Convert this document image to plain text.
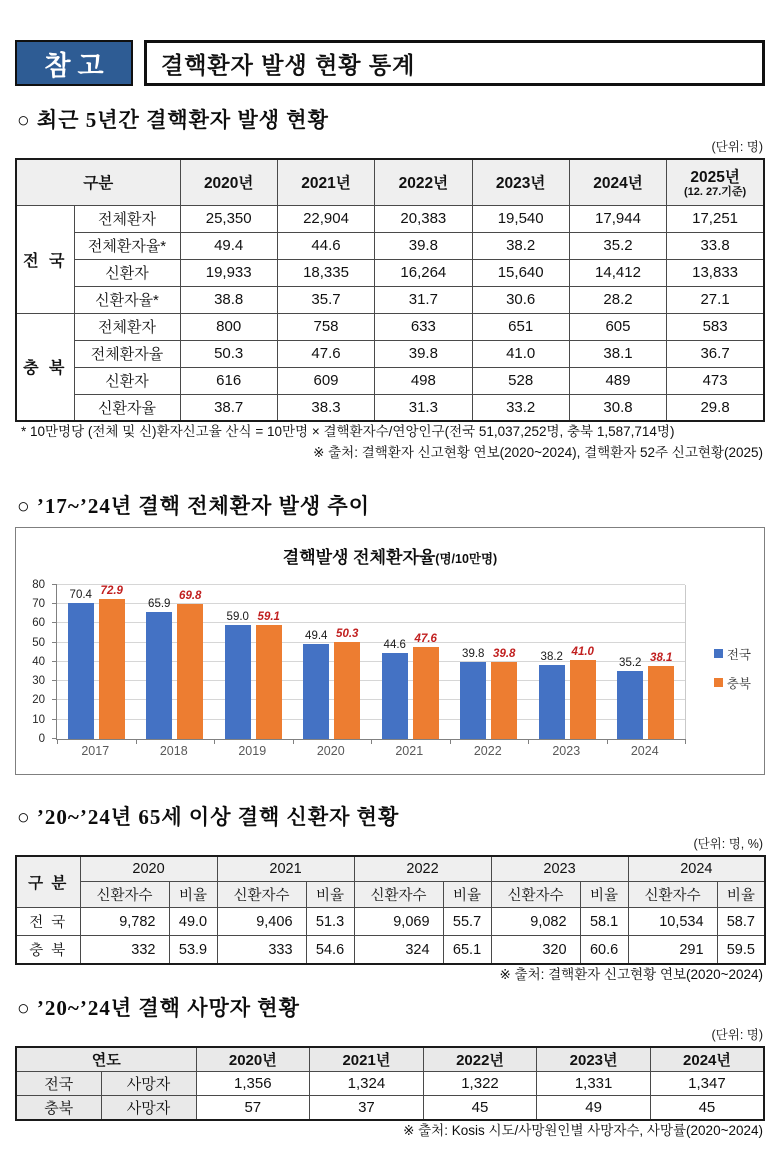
참고	결핵환자 발생 현황 통계
○ 최근 5년간 결핵환자 발생 현황
(단위: 명)
구분		2020년	2021년	2022년	2023년	2024년	2025년
(12. 27.기준)

전 국	전체환자	25,350	22,904	20,383	19,540	17,944	17,251
	전체환자율*	49.4	44.6	39.8	38.2	35.2	33.8
	신환자	19,933	18,335	16,264	15,640	14,412	13,833
	신환자율*	38.8	35.7	31.7	30.6	28.2	27.1
충 북	전체환자	800	758	633	651	605	583
	전체환자율	50.3	47.6	39.8	41.0	38.1	36.7
	신환자	616	609	498	528	489	473
	신환자율	38.7	38.3	31.3	33.2	30.8	29.8
* 10만명당 (전체 및 신)환자신고율 산식 = 10만명 × 결핵환자수/연앙인구(전국 51,037,252명, 충북 1,587,714명)
※ 출처: 결핵환자 신고현황 연보(2020~2024), 결핵환자 52주 신고현황(2025)
○ ’17~’24년 결핵 전체환자 발생 추이
결핵발생 전체환자율(명/10만명)
0
10
20
30
40
50
60
70
80
70.4 72.9
65.9
69.8
59.0 59.1
49.4 50.3
44.6 47.6
39.8 39.8 38.2 41.0
35.2 38.1
2017	2018	2019	2020	2021	2022	2023	2024
전국
충북
○ ’20~’24년 65세 이상 결핵 신환자 현황
(단위: 명, %)
구 분	2020		2021		2022		2023		2024	
	신환자수	비율	신환자수	비율	신환자수	비율	신환자수	비율	신환자수	비율
전 국	9,782	49.0	9,406	51.3	9,069	55.7	9,082	58.1	10,534	58.7
충 북	332	53.9	333	54.6	324	65.1	320	60.6	291	59.5
※ 출처: 결핵환자 신고현황 연보(2020~2024)
○ ’20~’24년 결핵 사망자 현황
(단위: 명)
연도		2020년	2021년	2022년	2023년	2024년
전국	사망자	1,356	1,324	1,322	1,331	1,347
충북	사망자	57	37	45	49	45
※ 출처: Kosis 시도/사망원인별 사망자수, 사망률(2020~2024)
